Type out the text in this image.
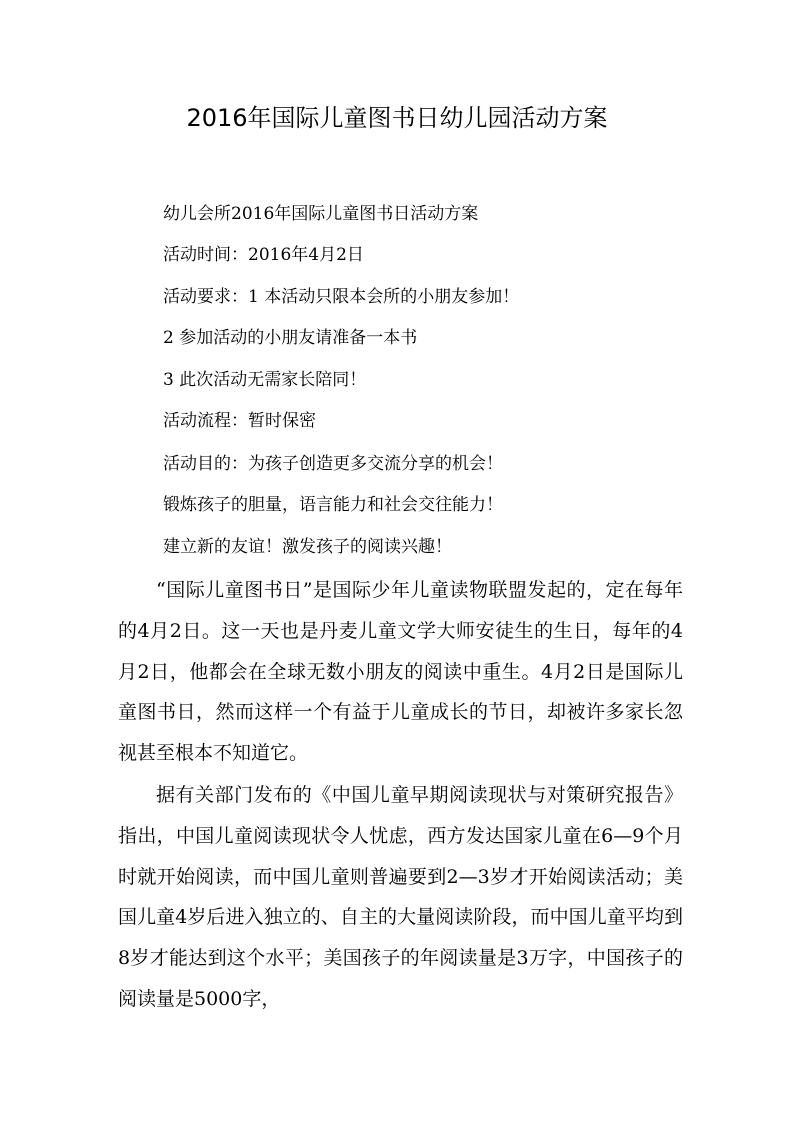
2016年国际儿童图书日幼儿园活动方案
幼儿会所2016年国际儿童图书日活动方案
活动时间：2016年4月2日
活动要求：1 本活动只限本会所的小朋友参加！
2 参加活动的小朋友请准备一本书
3 此次活动无需家长陪同！
活动流程：暂时保密
活动目的：为孩子创造更多交流分享的机会！
锻炼孩子的胆量，语言能力和社会交往能力！
建立新的友谊！激发孩子的阅读兴趣！

“国际儿童图书日”是国际少年儿童读物联盟发起的，定在每年的4月2日。这一天也是丹麦儿童文学大师安徒生的生日，每年的4月2日，他都会在全球无数小朋友的阅读中重生。4月2日是国际儿童图书日，然而这样一个有益于儿童成长的节日，却被许多家长忽视甚至根本不知道它。

据有关部门发布的《中国儿童早期阅读现状与对策研究报告》指出，中国儿童阅读现状令人忧虑，西方发达国家儿童在6—9个月时就开始阅读，而中国儿童则普遍要到2—3岁才开始阅读活动；美国儿童4岁后进入独立的、自主的大量阅读阶段，而中国儿童平均到8岁才能达到这个水平；美国孩子的年阅读量是3万字，中国孩子的阅读量是5000字，
